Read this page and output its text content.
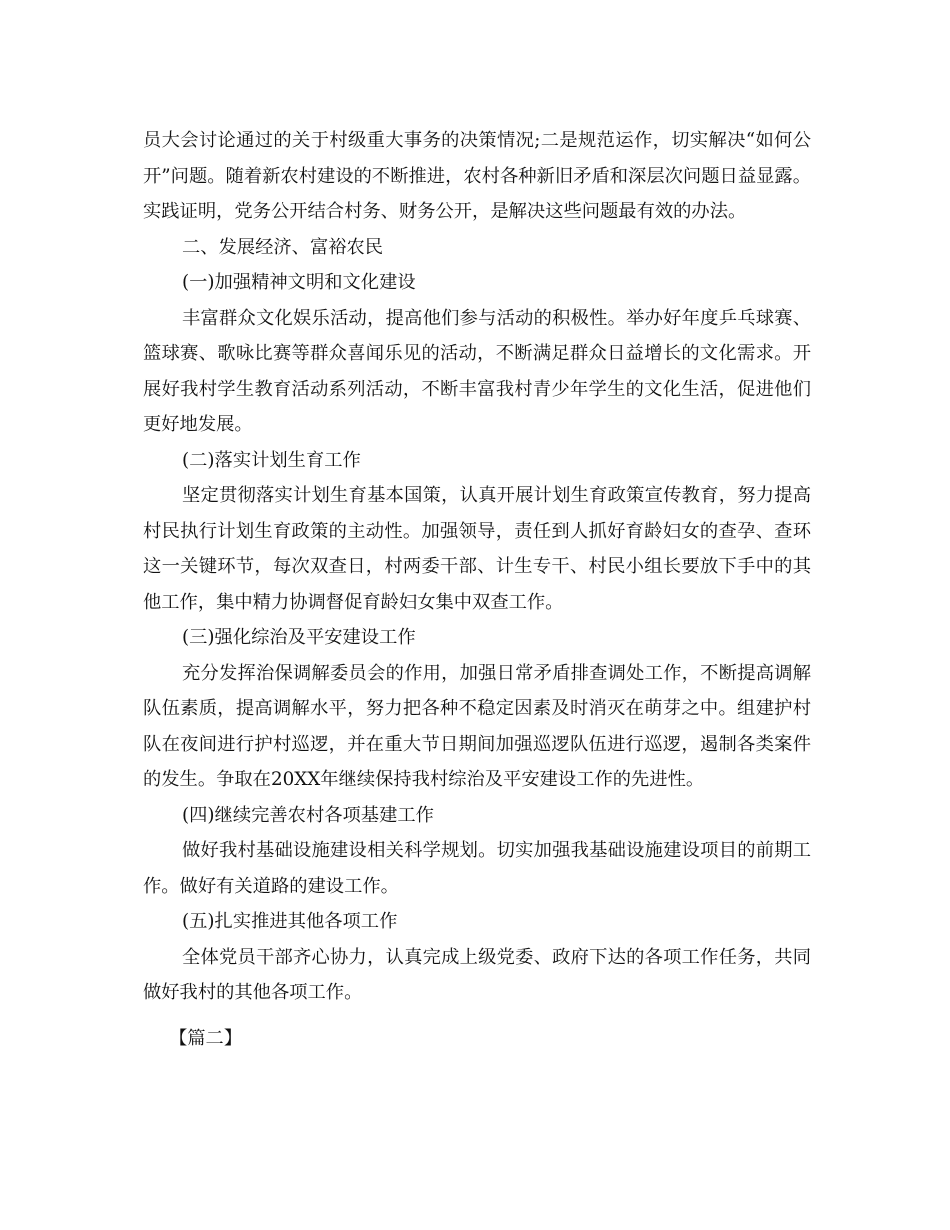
员大会讨论通过的关于村级重大事务的决策情况;二是规范运作，切实解决“如何公开”问题。随着新农村建设的不断推进，农村各种新旧矛盾和深层次问题日益显露。实践证明，党务公开结合村务、财务公开，是解决这些问题最有效的办法。

二、发展经济、富裕农民

(一)加强精神文明和文化建设

丰富群众文化娱乐活动，提高他们参与活动的积极性。举办好年度乒乓球赛、篮球赛、歌咏比赛等群众喜闻乐见的活动，不断满足群众日益增长的文化需求。开展好我村学生教育活动系列活动，不断丰富我村青少年学生的文化生活，促进他们更好地发展。

(二)落实计划生育工作

坚定贯彻落实计划生育基本国策，认真开展计划生育政策宣传教育，努力提高村民执行计划生育政策的主动性。加强领导，责任到人抓好育龄妇女的查孕、查环这一关键环节，每次双查日，村两委干部、计生专干、村民小组长要放下手中的其他工作，集中精力协调督促育龄妇女集中双查工作。

(三)强化综治及平安建设工作

充分发挥治保调解委员会的作用，加强日常矛盾排查调处工作，不断提高调解队伍素质，提高调解水平，努力把各种不稳定因素及时消灭在萌芽之中。组建护村队在夜间进行护村巡逻，并在重大节日期间加强巡逻队伍进行巡逻，遏制各类案件的发生。争取在20XX年继续保持我村综治及平安建设工作的先进性。

(四)继续完善农村各项基建工作

做好我村基础设施建设相关科学规划。切实加强我基础设施建设项目的前期工作。做好有关道路的建设工作。

(五)扎实推进其他各项工作

全体党员干部齐心协力，认真完成上级党委、政府下达的各项工作任务，共同做好我村的其他各项工作。

【篇二】
